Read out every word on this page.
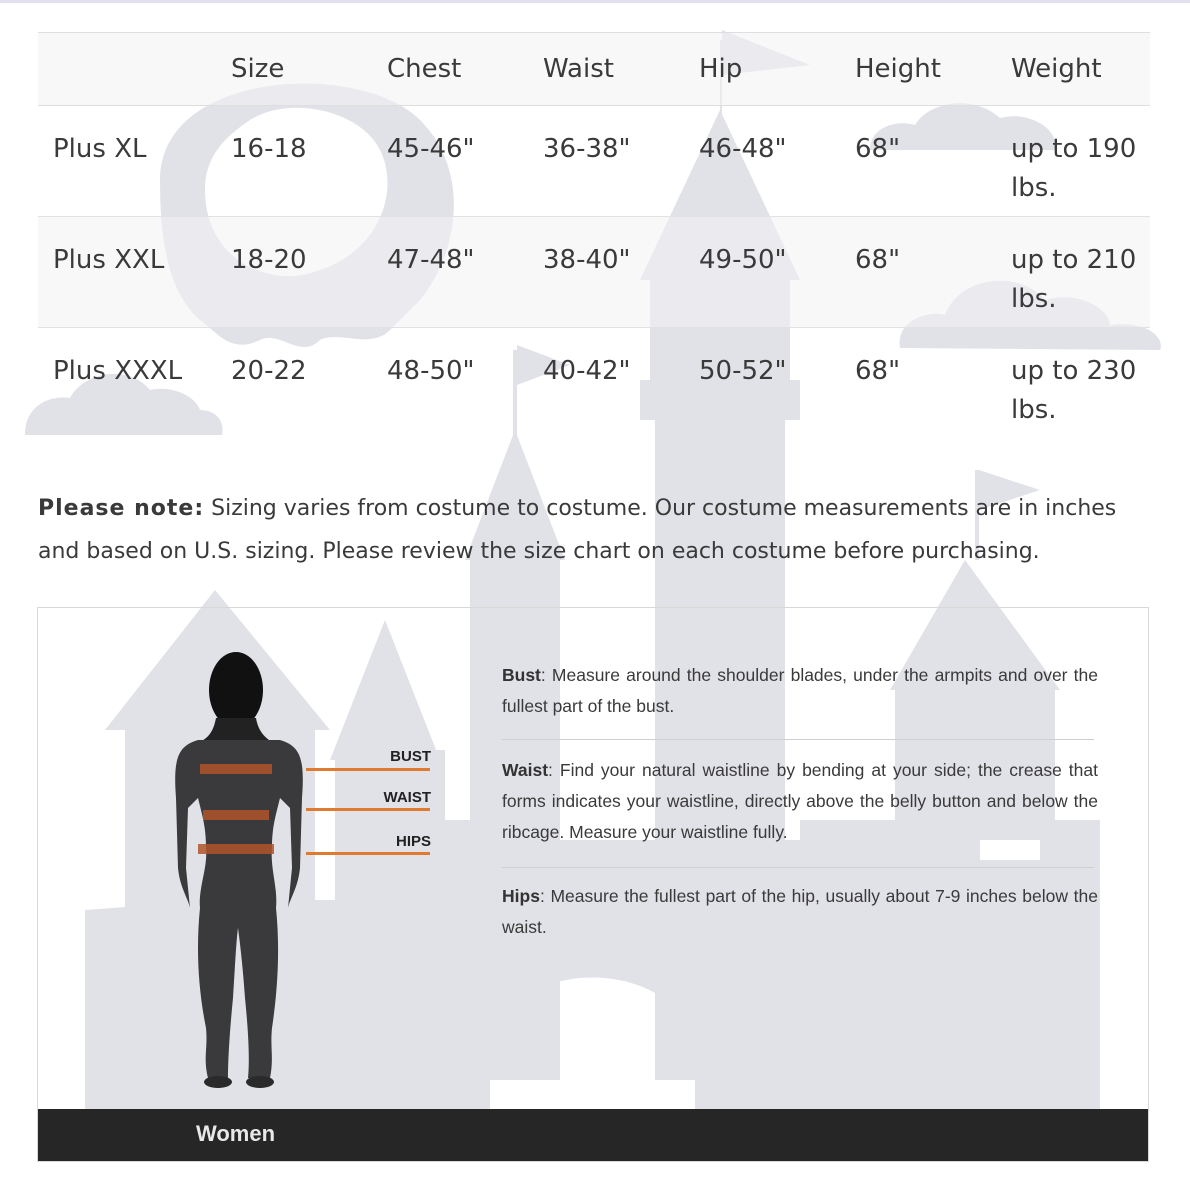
	Size	Chest	Waist	Hip	Height	Weight
Plus XL	16-18	45-46"	36-38"	46-48"	68"	up to 190 lbs.
Plus XXL	18-20	47-48"	38-40"	49-50"	68"	up to 210 lbs.
Plus XXXL	20-22	48-50"	40-42"	50-52"	68"	up to 230 lbs.
Please note: Sizing varies from costume to costume. Our costume measurements are in inches and based on U.S. sizing. Please review the size chart on each costume before purchasing.
BUST
WAIST
HIPS
Bust: Measure around the shoulder blades, under the armpits and over the fullest part of the bust.
Waist: Find your natural waistline by bending at your side; the crease that forms indicates your waistline, directly above the belly button and below the ribcage. Measure your waistline fully.
Hips: Measure the fullest part of the hip, usually about 7-9 inches below the waist.
Women
